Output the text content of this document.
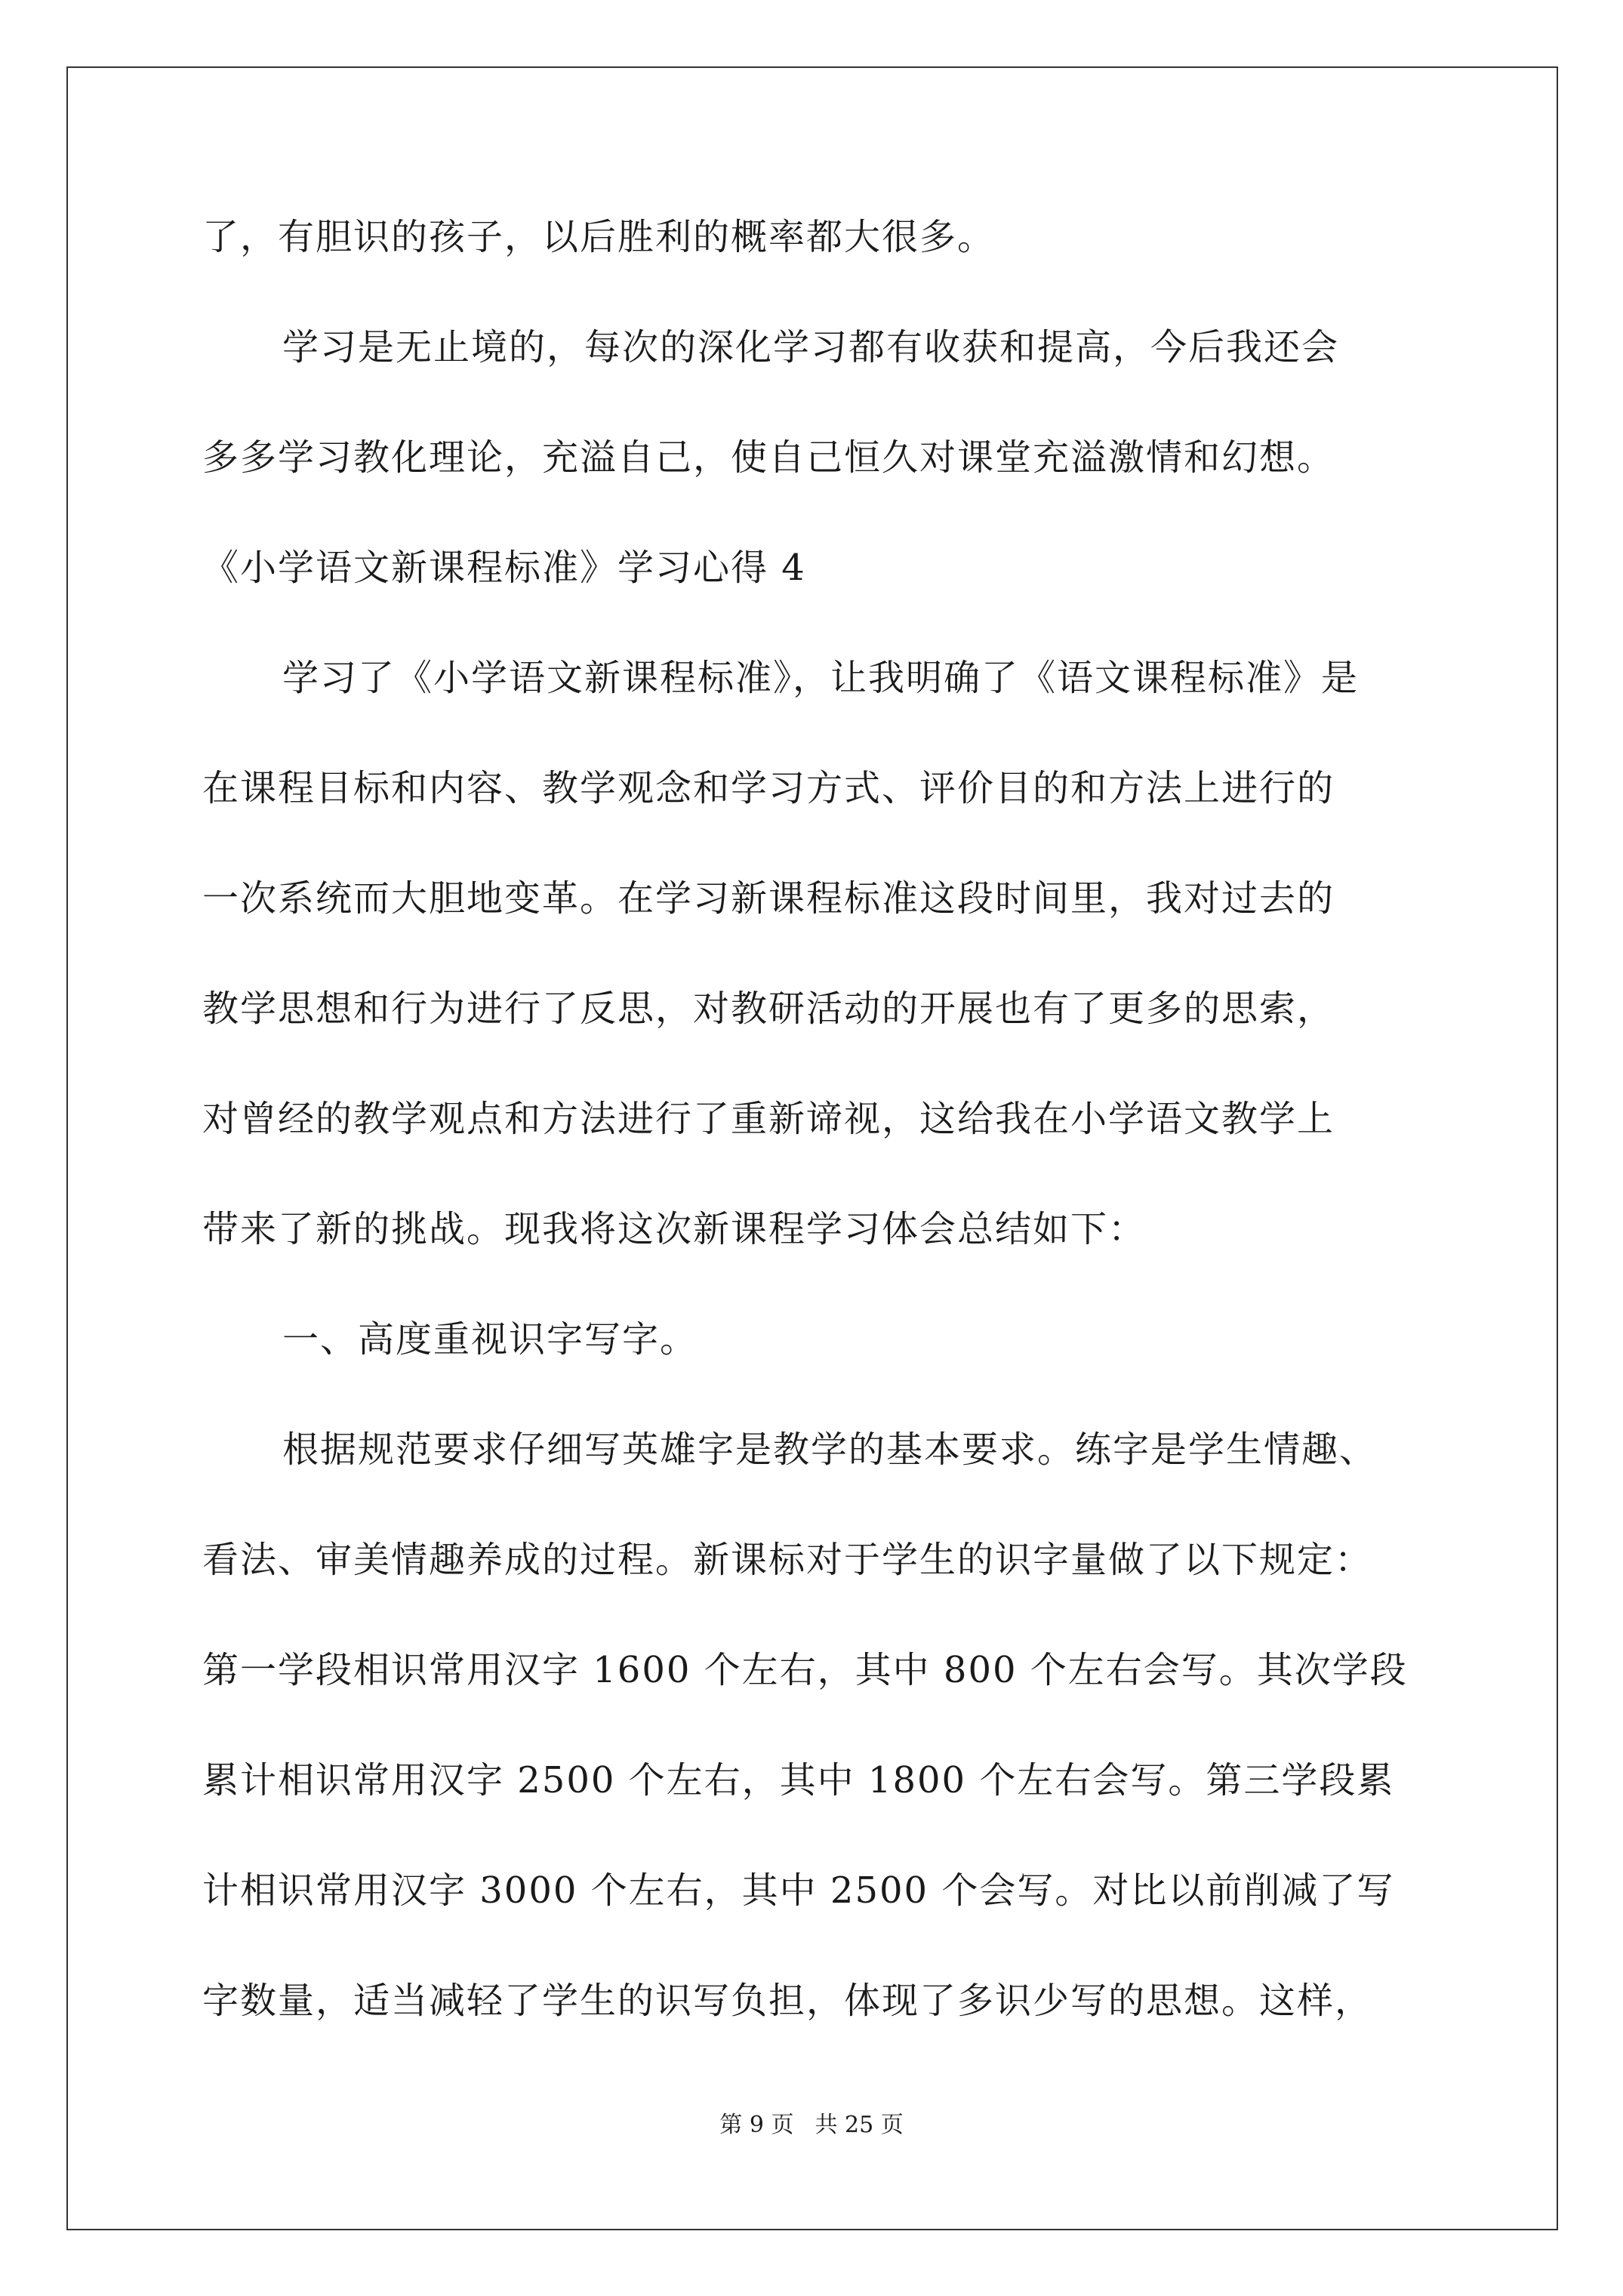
了，有胆识的孩子，以后胜利的概率都大很多。
学习是无止境的，每次的深化学习都有收获和提高，今后我还会
多多学习教化理论，充溢自己，使自己恒久对课堂充溢激情和幻想。
《小学语文新课程标准》学习心得 4
学习了《小学语文新课程标准》，让我明确了《语文课程标准》是
在课程目标和内容、教学观念和学习方式、评价目的和方法上进行的
一次系统而大胆地变革。在学习新课程标准这段时间里，我对过去的
教学思想和行为进行了反思，对教研活动的开展也有了更多的思索，
对曾经的教学观点和方法进行了重新谛视，这给我在小学语文教学上
带来了新的挑战。现我将这次新课程学习体会总结如下：
一、高度重视识字写字。
根据规范要求仔细写英雄字是教学的基本要求。练字是学生情趣、
看法、审美情趣养成的过程。新课标对于学生的识字量做了以下规定：
第一学段相识常用汉字 1600 个左右，其中 800 个左右会写。其次学段
累计相识常用汉字 2500 个左右，其中 1800 个左右会写。第三学段累
计相识常用汉字 3000 个左右，其中 2500 个会写。对比以前削减了写
字数量，适当减轻了学生的识写负担，体现了多识少写的思想。这样，
第 9 页 共 25 页
